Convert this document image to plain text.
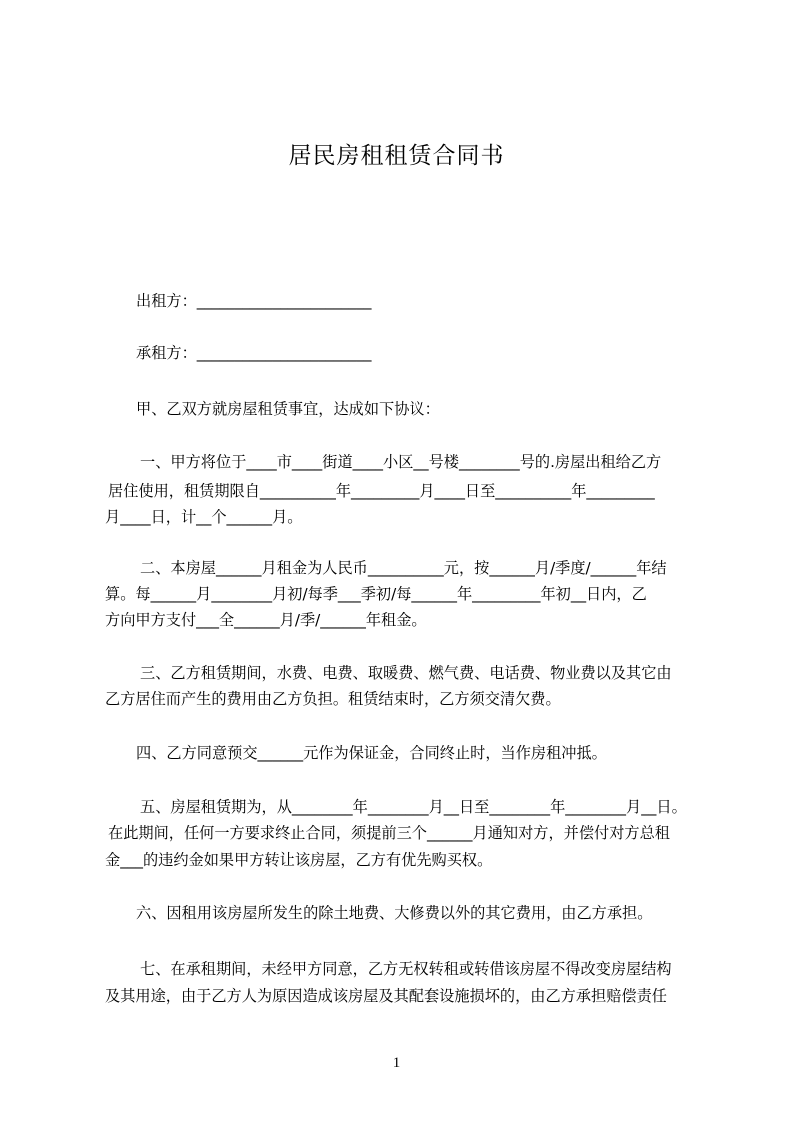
居民房租租赁合同书
出租方：_______________________
承租方：_______________________
甲、乙双方就房屋租赁事宜，达成如下协议：
一、甲方将位于____市____街道____小区__号楼________号的.房屋出租给乙方
居住使用，租赁期限自__________年_________月____日至__________年_________
月____日，计__个______月。
二、本房屋______月租金为人民币__________元，按______月/季度/______年结
算。每______月________月初/每季___季初/每______年_________年初__日内，乙
方向甲方支付___全______月/季/______年租金。
三、乙方租赁期间，水费、电费、取暖费、燃气费、电话费、物业费以及其它由
乙方居住而产生的费用由乙方负担。租赁结束时，乙方须交清欠费。
四、乙方同意预交______元作为保证金，合同终止时，当作房租冲抵。
五、房屋租赁期为，从________年________月__日至________年________月__日。
在此期间，任何一方要求终止合同，须提前三个______月通知对方，并偿付对方总租
金___的违约金如果甲方转让该房屋，乙方有优先购买权。
六、因租用该房屋所发生的除土地费、大修费以外的其它费用，由乙方承担。
七、在承租期间，未经甲方同意，乙方无权转租或转借该房屋不得改变房屋结构
及其用途，由于乙方人为原因造成该房屋及其配套设施损坏的，由乙方承担赔偿责任
1
